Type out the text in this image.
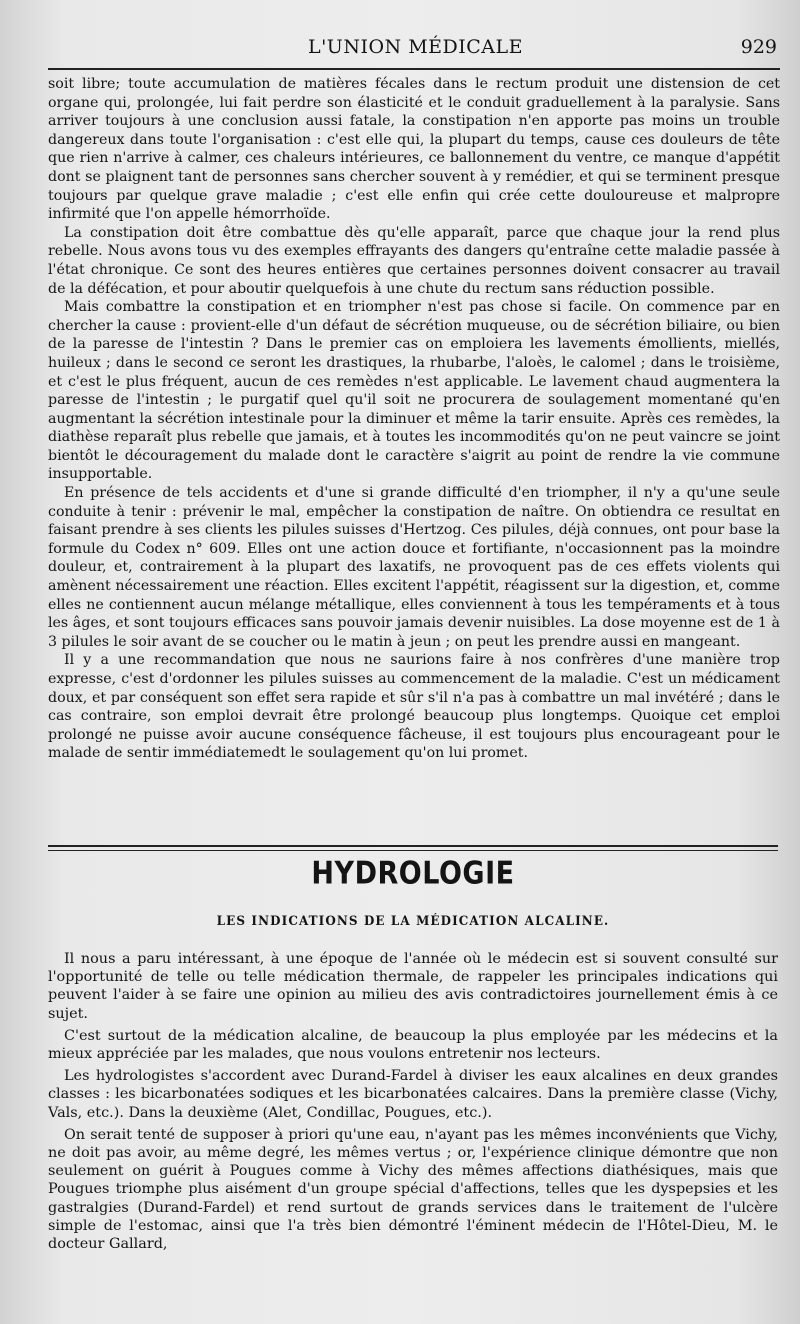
L'UNION MÉDICALE	929

soit libre; toute accumulation de matières fécales dans le rectum produit une distension de cet organe qui, prolongée, lui fait perdre son élasticité et le conduit graduellement à la paralysie. Sans arriver toujours à une conclusion aussi fatale, la constipation n'en apporte pas moins un trouble dangereux dans toute l'organisation : c'est elle qui, la plupart du temps, cause ces douleurs de tête que rien n'arrive à calmer, ces chaleurs intérieures, ce ballonnement du ventre, ce manque d'appétit dont se plaignent tant de personnes sans chercher souvent à y remédier, et qui se terminent presque toujours par quelque grave maladie ; c'est elle enfin qui crée cette douloureuse et malpropre infirmité que l'on appelle hémorrhoïde.

La constipation doit être combattue dès qu'elle apparaît, parce que chaque jour la rend plus rebelle. Nous avons tous vu des exemples effrayants des dangers qu'entraîne cette maladie passée à l'état chronique. Ce sont des heures entières que certaines personnes doivent consacrer au travail de la défécation, et pour aboutir quelquefois à une chute du rectum sans réduction possible.

Mais combattre la constipation et en triompher n'est pas chose si facile. On commence par en chercher la cause : provient-elle d'un défaut de sécrétion muqueuse, ou de sécrétion biliaire, ou bien de la paresse de l'intestin ? Dans le premier cas on emploiera les lavements émollients, miellés, huileux ; dans le second ce seront les drastiques, la rhubarbe, l'aloès, le calomel ; dans le troisième, et c'est le plus fréquent, aucun de ces remèdes n'est applicable. Le lavement chaud augmentera la paresse de l'intestin ; le purgatif quel qu'il soit ne procurera de soulagement momentané qu'en augmentant la sécrétion intestinale pour la diminuer et même la tarir ensuite. Après ces remèdes, la diathèse reparaît plus rebelle que jamais, et à toutes les incommodités qu'on ne peut vaincre se joint bientôt le découragement du malade dont le caractère s'aigrit au point de rendre la vie commune insupportable.

En présence de tels accidents et d'une si grande difficulté d'en triompher, il n'y a qu'une seule conduite à tenir : prévenir le mal, empêcher la constipation de naître. On obtiendra ce resultat en faisant prendre à ses clients les pilules suisses d'Hertzog. Ces pilules, déjà connues, ont pour base la formule du Codex n° 609. Elles ont une action douce et fortifiante, n'occasionnent pas la moindre douleur, et, contrairement à la plupart des laxatifs, ne provoquent pas de ces effets violents qui amènent nécessairement une réaction. Elles excitent l'appétit, réagissent sur la digestion, et, comme elles ne contiennent aucun mélange métallique, elles conviennent à tous les tempéraments et à tous les âges, et sont toujours efficaces sans pouvoir jamais devenir nuisibles. La dose moyenne est de 1 à 3 pilules le soir avant de se coucher ou le matin à jeun ; on peut les prendre aussi en mangeant.

Il y a une recommandation que nous ne saurions faire à nos confrères d'une manière trop expresse, c'est d'ordonner les pilules suisses au commencement de la maladie. C'est un médicament doux, et par conséquent son effet sera rapide et sûr s'il n'a pas à combattre un mal invétéré ; dans le cas contraire, son emploi devrait être prolongé beaucoup plus longtemps. Quoique cet emploi prolongé ne puisse avoir aucune conséquence fâcheuse, il est toujours plus encourageant pour le malade de sentir immédiatemedt le soulagement qu'on lui promet.

HYDROLOGIE
LES INDICATIONS DE LA MÉDICATION ALCALINE.

Il nous a paru intéressant, à une époque de l'année où le médecin est si souvent consulté sur l'opportunité de telle ou telle médication thermale, de rappeler les principales indications qui peuvent l'aider à se faire une opinion au milieu des avis contradictoires journellement émis à ce sujet.

C'est surtout de la médication alcaline, de beaucoup la plus employée par les médecins et la mieux appréciée par les malades, que nous voulons entretenir nos lecteurs.

Les hydrologistes s'accordent avec Durand-Fardel à diviser les eaux alcalines en deux grandes classes : les bicarbonatées sodiques et les bicarbonatées calcaires. Dans la première classe (Vichy, Vals, etc.). Dans la deuxième (Alet, Condillac, Pougues, etc.).

On serait tenté de supposer à priori qu'une eau, n'ayant pas les mêmes inconvénients que Vichy, ne doit pas avoir, au même degré, les mêmes vertus ; or, l'expérience clinique démontre que non seulement on guérit à Pougues comme à Vichy des mêmes affections diathésiques, mais que Pougues triomphe plus aisément d'un groupe spécial d'affections, telles que les dyspepsies et les gastralgies (Durand-Fardel) et rend surtout de grands services dans le traitement de l'ulcère simple de l'estomac, ainsi que l'a très bien démontré l'éminent médecin de l'Hôtel-Dieu, M. le docteur Gallard,
